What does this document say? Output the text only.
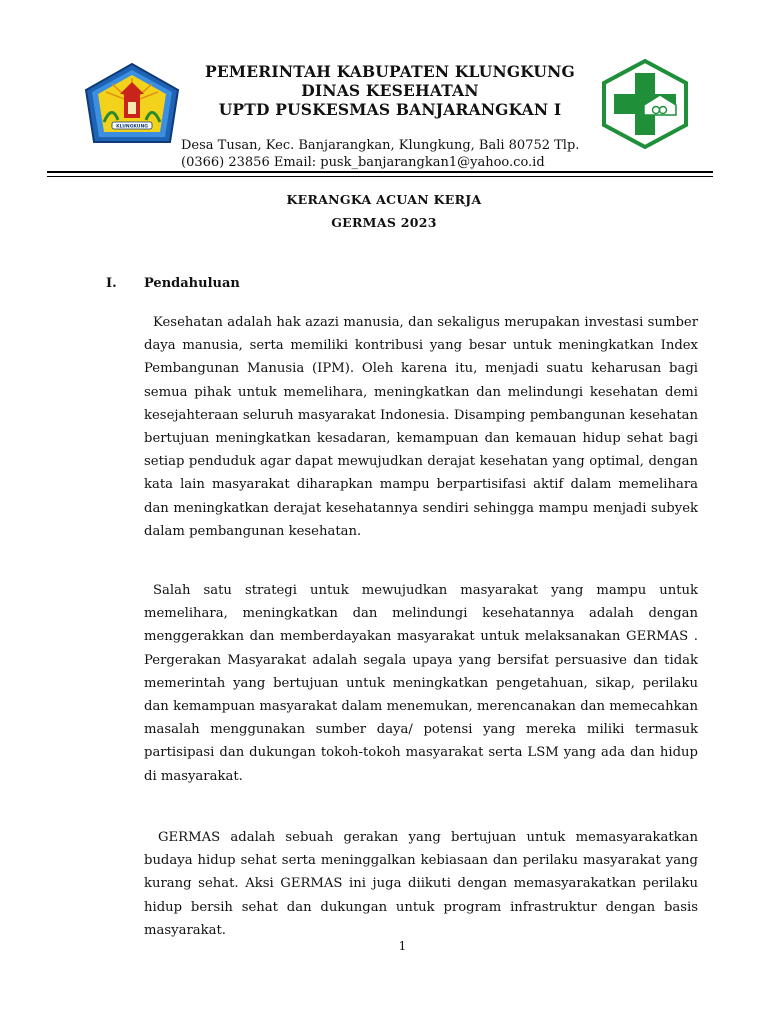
KLUNGKUNG
PEMERINTAH KABUPATEN KLUNGKUNG
DINAS KESEHATAN
UPTD PUSKESMAS BANJARANGKAN I
Desa Tusan, Kec. Banjarangkan, Klungkung, Bali 80752 Tlp.
(0366) 23856 Email: pusk_banjarangkan1@yahoo.co.id
KERANGKA ACUAN KERJA
GERMAS 2023
I. Pendahuluan
Kesehatan adalah hak azazi manusia, dan sekaligus merupakan investasi sumber daya manusia, serta memiliki kontribusi yang besar untuk meningkatkan Index Pembangunan Manusia (IPM). Oleh karena itu, menjadi suatu keharusan bagi semua pihak untuk memelihara, meningkatkan dan melindungi kesehatan demi kesejahteraan seluruh masyarakat Indonesia. Disamping pembangunan kesehatan bertujuan meningkatkan kesadaran, kemampuan dan kemauan hidup sehat bagi setiap penduduk agar dapat mewujudkan derajat kesehatan yang optimal, dengan kata lain masyarakat diharapkan mampu berpartisifasi aktif dalam memelihara dan meningkatkan derajat kesehatannya sendiri sehingga mampu menjadi subyek dalam pembangunan kesehatan.
Salah satu strategi untuk mewujudkan masyarakat yang mampu untuk memelihara, meningkatkan dan melindungi kesehatannya adalah dengan menggerakkan dan memberdayakan masyarakat untuk melaksanakan GERMAS . Pergerakan Masyarakat adalah segala upaya yang bersifat persuasive dan tidak memerintah yang bertujuan untuk meningkatkan pengetahuan, sikap, perilaku dan kemampuan masyarakat dalam menemukan, merencanakan dan memecahkan masalah menggunakan sumber daya/ potensi yang mereka miliki termasuk partisipasi dan dukungan tokoh-tokoh masyarakat serta LSM yang ada dan hidup di masyarakat.
GERMAS adalah sebuah gerakan yang bertujuan untuk memasyarakatkan budaya hidup sehat serta meninggalkan kebiasaan dan perilaku masyarakat yang kurang sehat. Aksi GERMAS ini juga diikuti dengan memasyarakatkan perilaku hidup bersih sehat dan dukungan untuk program infrastruktur dengan basis masyarakat.
1
